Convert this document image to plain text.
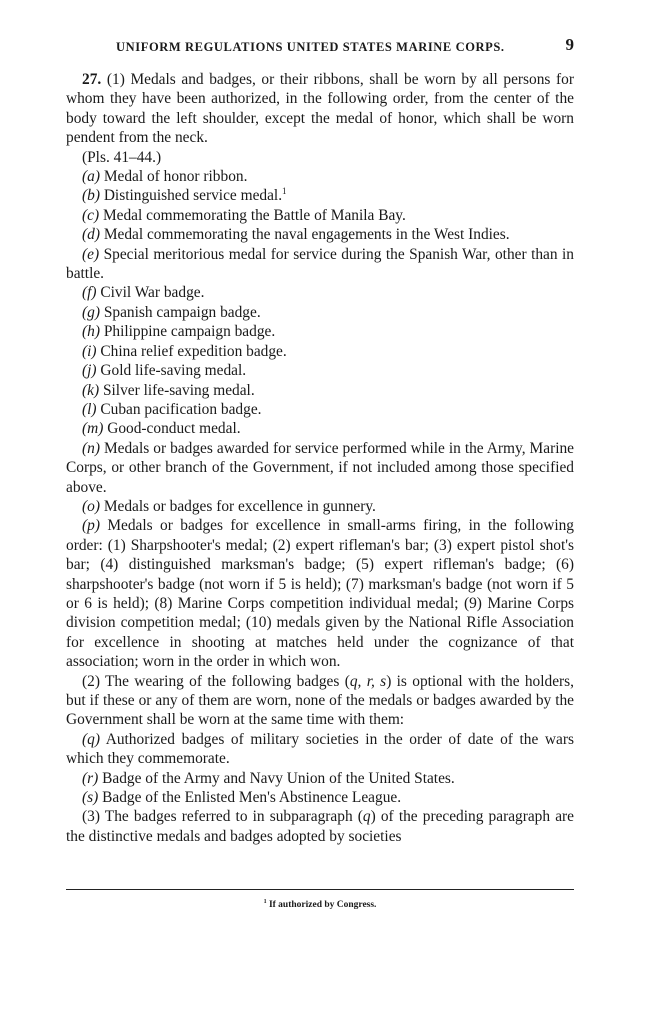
UNIFORM REGULATIONS UNITED STATES MARINE CORPS.	9

27. (1) Medals and badges, or their ribbons, shall be worn by all persons for whom they have been authorized, in the following order, from the center of the body toward the left shoulder, except the medal of honor, which shall be worn pendent from the neck.

(Pls. 41–44.)

(a) Medal of honor ribbon.

(b) Distinguished service medal.$^1$

(c) Medal commemorating the Battle of Manila Bay.

(d) Medal commemorating the naval engagements in the West Indies.

(e) Special meritorious medal for service during the Spanish War, other than in battle.

(f) Civil War badge.

(g) Spanish campaign badge.

(h) Philippine campaign badge.

(i) China relief expedition badge.

(j) Gold life-saving medal.

(k) Silver life-saving medal.

(l) Cuban pacification badge.

(m) Good-conduct medal.

(n) Medals or badges awarded for service performed while in the Army, Marine Corps, or other branch of the Government, if not included among those specified above.

(o) Medals or badges for excellence in gunnery.

(p) Medals or badges for excellence in small-arms firing, in the following order: (1) Sharpshooter's medal; (2) expert rifleman's bar; (3) expert pistol shot's bar; (4) distinguished marksman's badge; (5) expert rifleman's badge; (6) sharpshooter's badge (not worn if 5 is held); (7) marksman's badge (not worn if 5 or 6 is held); (8) Marine Corps competition individual medal; (9) Marine Corps division competition medal; (10) medals given by the National Rifle Association for excellence in shooting at matches held under the cognizance of that association; worn in the order in which won.

(2) The wearing of the following badges (q, r, s) is optional with the holders, but if these or any of them are worn, none of the medals or badges awarded by the Government shall be worn at the same time with them:

(q) Authorized badges of military societies in the order of date of the wars which they commemorate.

(r) Badge of the Army and Navy Union of the United States.

(s) Badge of the Enlisted Men's Abstinence League.

(3) The badges referred to in subparagraph (q) of the preceding paragraph are the distinctive medals and badges adopted by societies

$^1$ If authorized by Congress.
